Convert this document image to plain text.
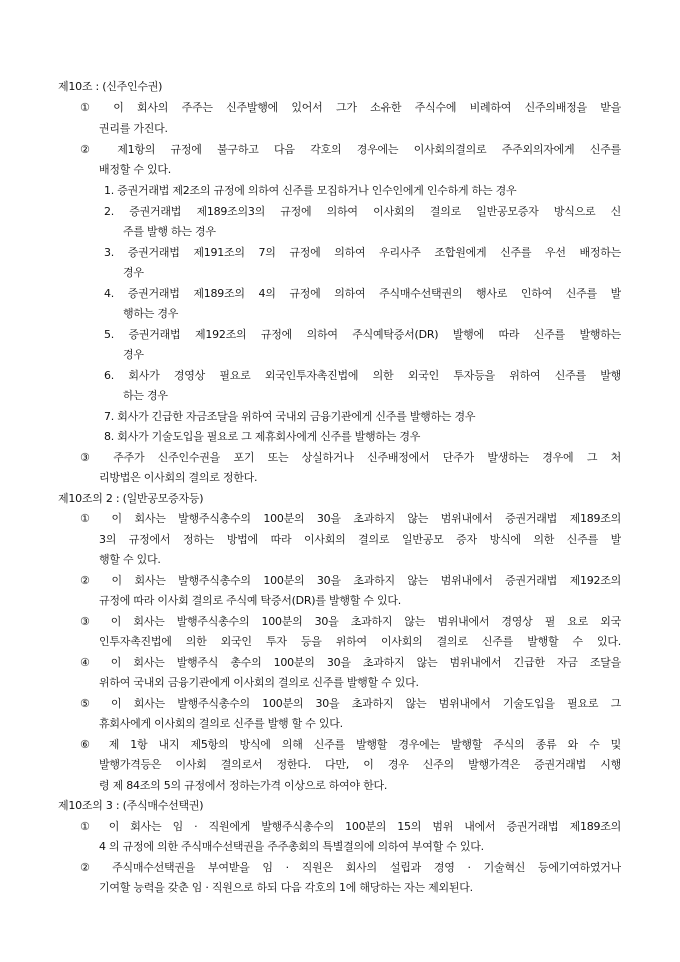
제10조 : (신주인수권)
① 이 회사의 주주는 신주발행에 있어서 그가 소유한 주식수에 비례하여 신주의배정을 받을
권리를 가진다.
② 제1항의 규정에 불구하고 다음 각호의 경우에는 이사회의결의로 주주외의자에게 신주를
배정할 수 있다.
1. 증권거래법 제2조의 규정에 의하여 신주를 모집하거나 인수인에게 인수하게 하는 경우
2. 증권거래법 제189조의3의 규정에 의하여 이사회의 결의로 일반공모증자 방식으로 신
주를 발행 하는 경우
3. 증권거래법 제191조의 7의 규정에 의하여 우리사주 조합원에게 신주를 우선 배정하는
경우
4. 증권거래법 제189조의 4의 규정에 의하여 주식매수선택권의 행사로 인하여 신주를 발
행하는 경우
5. 증권거래법 제192조의 규정에 의하여 주식예탁증서(DR) 발행에 따라 신주를 발행하는
경우
6. 회사가 경영상 필요로 외국인투자촉진법에 의한 외국인 투자등을 위하여 신주를 발행
하는 경우
7. 회사가 긴급한 자금조달을 위하여 국내외 금융기관에게 신주를 발행하는 경우
8. 회사가 기술도입을 필요로 그 제휴회사에게 신주를 발행하는 경우
③ 주주가 신주인수권을 포기 또는 상실하거나 신주배정에서 단주가 발생하는 경우에 그 처
리방법은 이사회의 결의로 정한다.
제10조의 2 : (일반공모증자등)
① 이 회사는 발행주식총수의 100분의 30을 초과하지 않는 범위내에서 증권거래법 제189조의
3의 규정에서 정하는 방법에 따라 이사회의 결의로 일반공모 증자 방식에 의한 신주를 발
행할 수 있다.
② 이 회사는 발행주식총수의 100분의 30을 초과하지 않는 범위내에서 증권거래법 제192조의
규정에 따라 이사회 결의로 주식예 탁증서(DR)를 발행할 수 있다.
③ 이 회사는 발행주식총수의 100분의 30을 초과하지 않는 범위내에서 경영상 필 요로 외국
인투자촉진법에 의한 외국인 투자 등을 위하여 이사회의 결의로 신주를 발행할 수 있다.
④ 이 회사는 발행주식 총수의 100분의 30을 초과하지 않는 범위내에서 긴급한 자금 조달을
위하여 국내외 금융기관에게 이사회의 결의로 신주를 발행할 수 있다.
⑤ 이 회사는 발행주식총수의 100분의 30을 초과하지 않는 범위내에서 기술도입을 필요로 그
휴회사에게 이사회의 결의로 신주를 발행 할 수 있다.
⑥ 제 1항 내지 제5항의 방식에 의해 신주를 발행할 경우에는 발행할 주식의 종류 와 수 및
발행가격등은 이사회 결의로서 정한다. 다만, 이 경우 신주의 발행가격은 증권거래법 시행
령 제 84조의 5의 규정에서 정하는가격 이상으로 하여야 한다.
제10조의 3 : (주식매수선택권)
① 이 회사는 임 · 직원에게 발행주식총수의 100분의 15의 범위 내에서 증권거래법 제189조의
4 의 규정에 의한 주식매수선택권을 주주총회의 특별결의에 의하여 부여할 수 있다.
② 주식매수선택권을 부여받을 임 · 직원은 회사의 설립과 경영 · 기술혁신 등에기여하였거나
기여할 능력을 갖춘 임 · 직원으로 하되 다음 각호의 1에 해당하는 자는 제외된다.
